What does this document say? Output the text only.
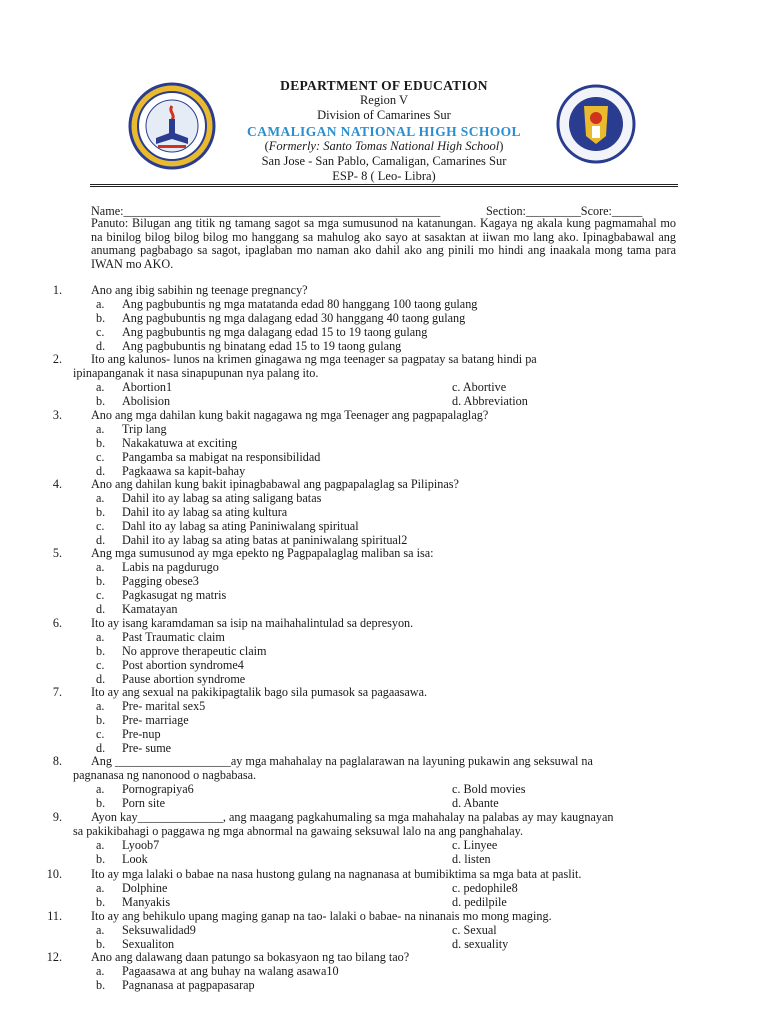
DEPARTMENT OF EDUCATION
Region V
Division of Camarines Sur
CAMALIGAN NATIONAL HIGH SCHOOL
(Formerly: Santo Tomas National High School)
San Jose - San Pablo, Camaligan, Camarines Sur
ESP- 8 ( Leo- Libra)
Name:____________________________________________________	Section:_________Score:_____
Panuto: Bilugan ang titik ng tamang sagot sa mga sumusunod na katanungan. Kagaya ng akala kung pagmamahal mo na binilog bilog bilog bilog mo hanggang sa mahulog ako sayo at sasaktan at iiwan mo lang ako. Ipinagbabawal ang anumang pagbabago sa sagot, ipaglaban mo naman ako dahil ako ang pinili mo hindi ang inaakala mong tama para IWAN mo AKO.
1. Ano ang ibig sabihin ng teenage pregnancy?
a.	Ang pagbubuntis ng mga matatanda edad 80 hanggang 100 taong gulang
b.	Ang pagbubuntis ng mga dalagang edad 30 hanggang 40 taong gulang
c.	Ang pagbubuntis ng mga dalagang edad 15 to 19 taong gulang
d.	Ang pagbubuntis ng binatang edad 15 to 19 taong gulang
2. Ito ang kalunos- lunos na krimen ginagawa ng mga teenager sa pagpatay sa batang hindi pa
ipinapanganak it nasa sinapupunan nya palang ito.
a.	Abortion1	c. Abortive
b.	Abolision	d. Abbreviation
3. Ano ang mga dahilan kung bakit nagagawa ng mga Teenager ang pagpapalaglag?
a.	Trip lang
b.	Nakakatuwa at exciting
c.	Pangamba sa mabigat na responsibilidad
d.	Pagkaawa sa kapit-bahay
4. Ano ang dahilan kung bakit ipinagbabawal ang pagpapalaglag sa Pilipinas?
a.	Dahil ito ay labag sa ating saligang batas
b.	Dahil ito ay labag sa ating kultura
c.	Dahl ito ay labag sa ating Paniniwalang spiritual
d.	Dahil ito ay labag sa ating batas at paniniwalang spiritual2
5. Ang mga sumusunod ay mga epekto ng Pagpapalaglag maliban sa isa:
a.	Labis na pagdurugo
b.	Pagging obese3
c.	Pagkasugat ng matris
d.	Kamatayan
6. Ito ay isang karamdaman sa isip na maihahalintulad sa depresyon.
a.	Past Traumatic claim
b.	No approve therapeutic claim
c.	Post abortion syndrome4
d.	Pause abortion syndrome
7. Ito ay ang sexual na pakikipagtalik bago sila pumasok sa pagaasawa.
a.	Pre- marital sex5
b.	Pre- marriage
c.	Pre-nup
d.	Pre- sume
8. Ang ___________________ay mga mahahalay na paglalarawan na layuning pukawin ang seksuwal na
pagnanasa ng nanonood o nagbabasa.
a.	Pornograpiya6	c. Bold movies
b.	Porn site	d. Abante
9. Ayon kay______________, ang maagang pagkahumaling sa mga mahahalay na palabas ay may kaugnayan
sa pakikibahagi o paggawa ng mga abnormal na gawaing seksuwal lalo na ang panghahalay.
a.	Lyoob7	c. Linyee
b.	Look	d. listen
10. Ito ay mga lalaki o babae na nasa hustong gulang na nagnanasa at bumibiktima sa mga bata at paslit.
a.	Dolphine	c. pedophile8
b.	Manyakis	d. pedilpile
11. Ito ay ang behikulo upang maging ganap na tao- lalaki o babae- na ninanais mo mong maging.
a.	Seksuwalidad9	c. Sexual
b.	Sexualiton	d. sexuality
12. Ano ang dalawang daan patungo sa bokasyaon ng tao bilang tao?
a.	Pagaasawa at ang buhay na walang asawa10
b.	Pagnanasa at pagpapasarap
